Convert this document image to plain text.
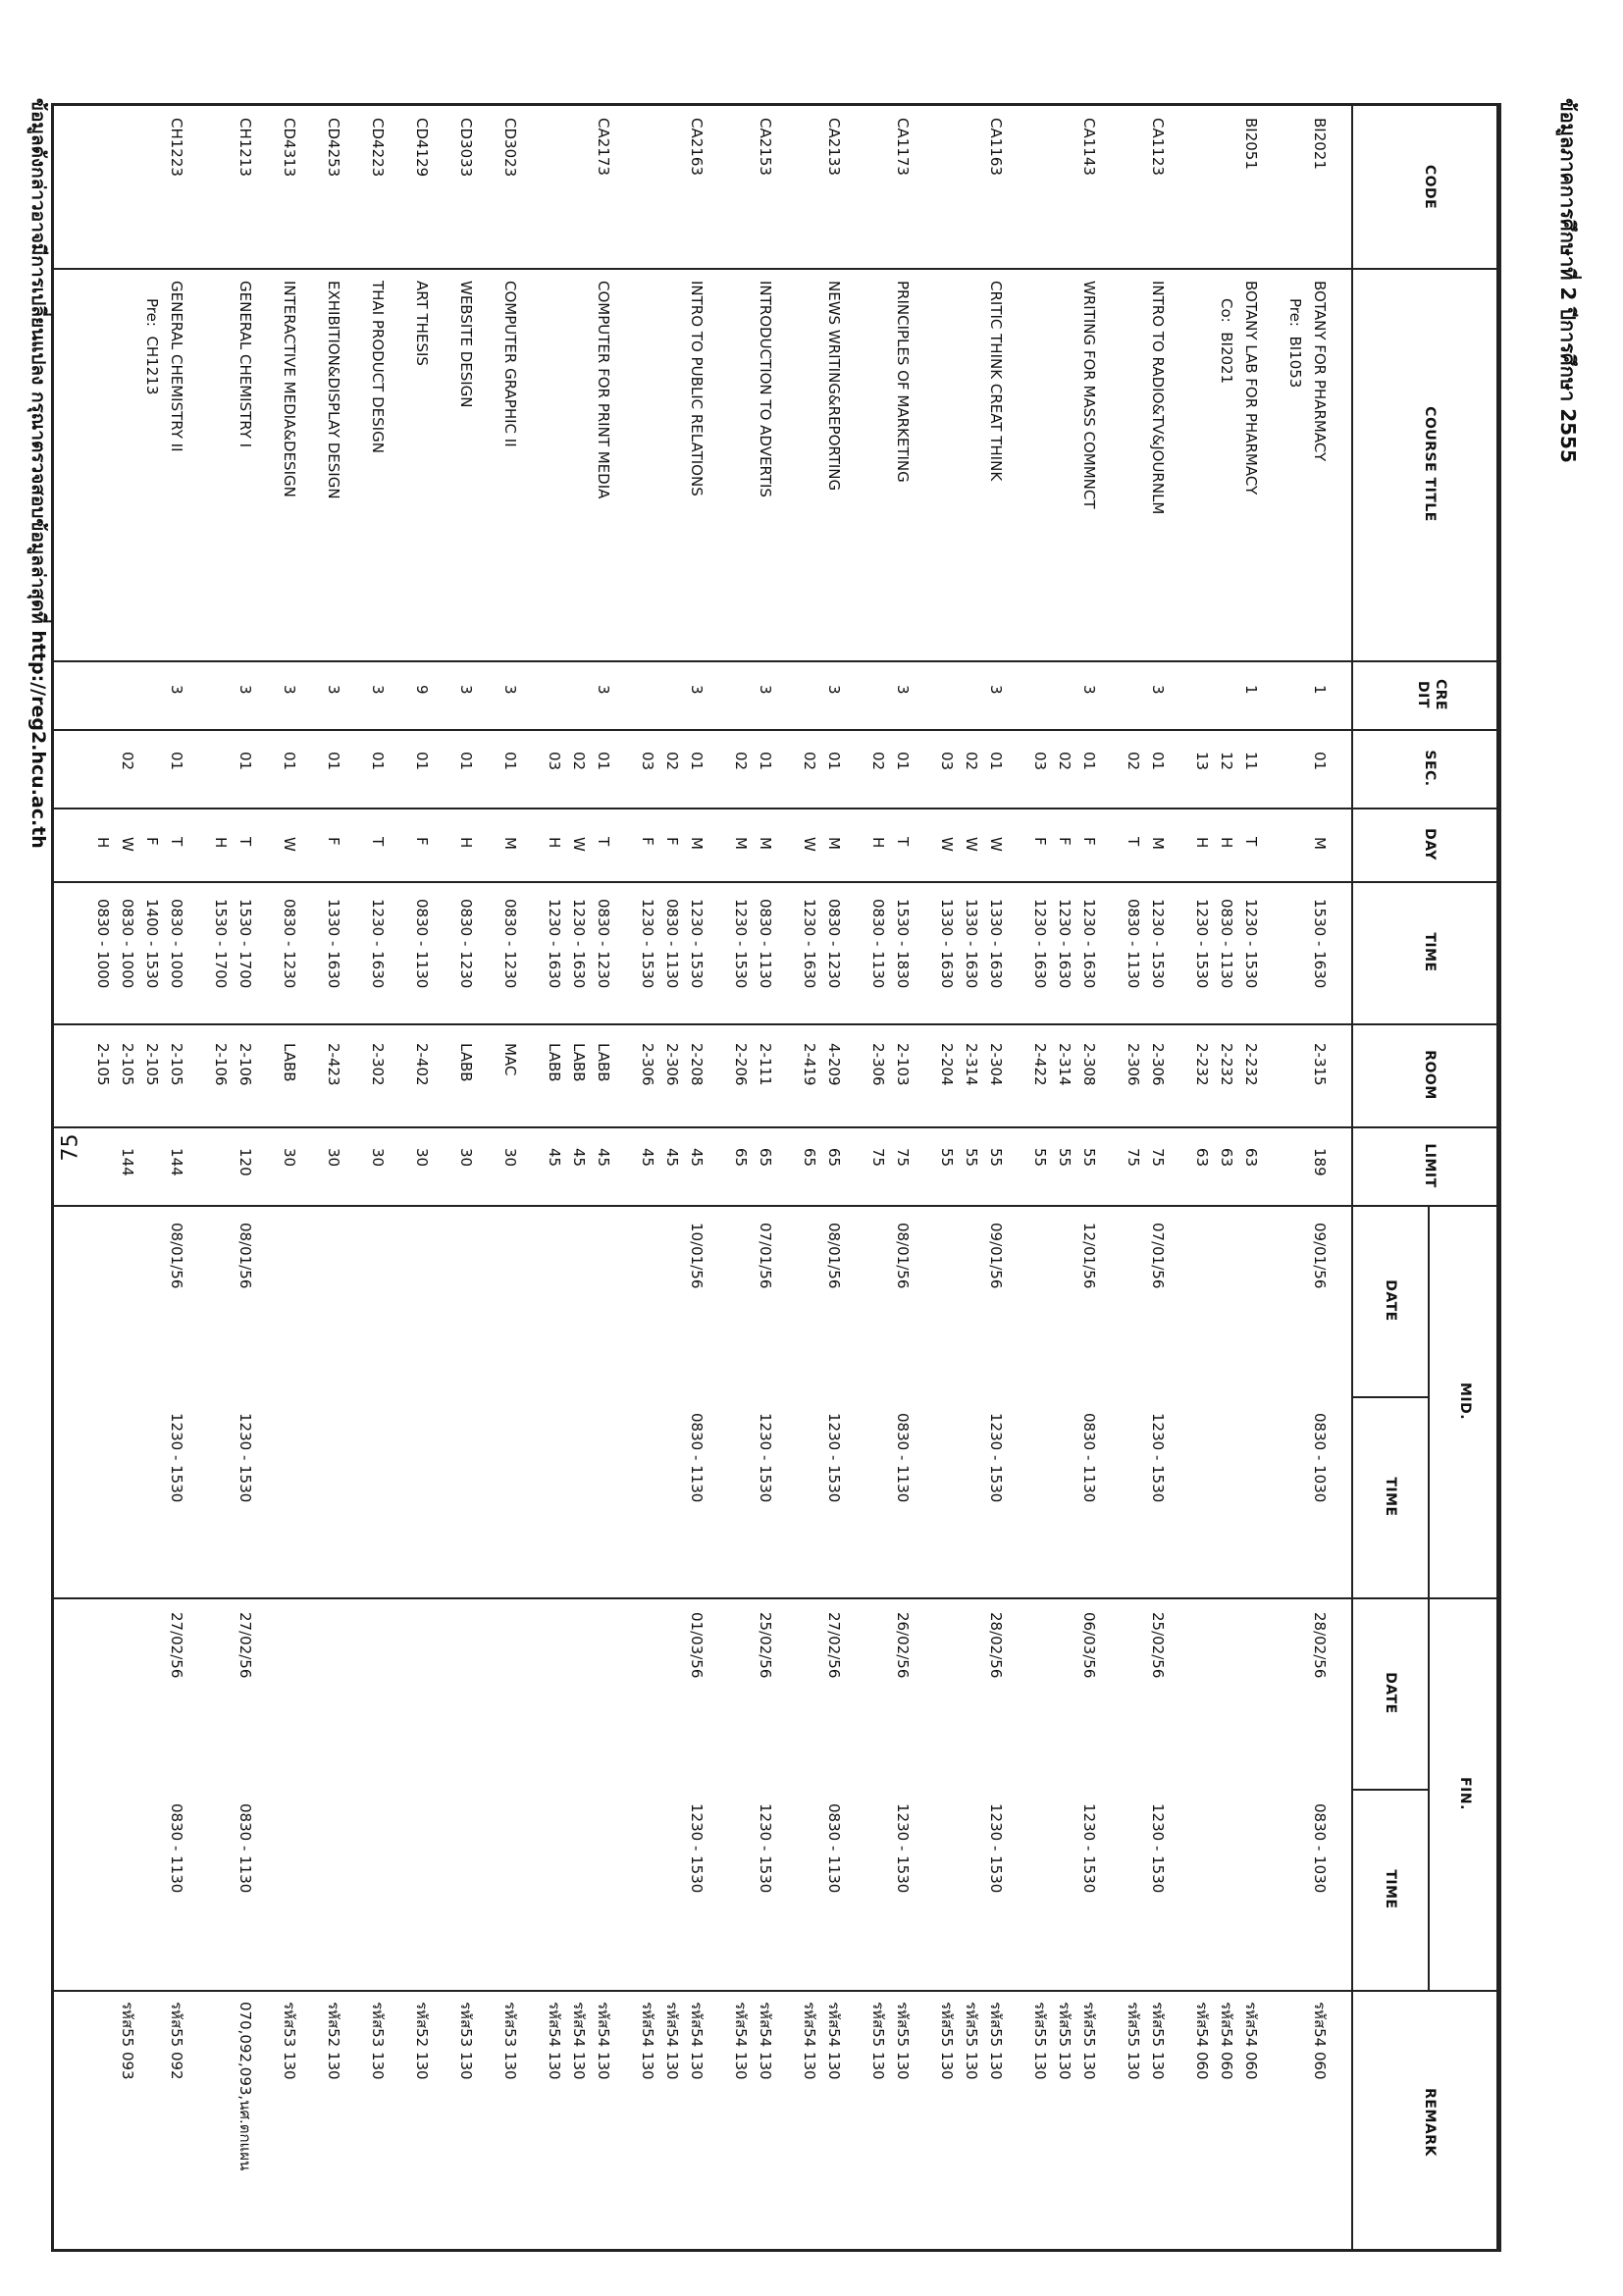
75
ข้อมูลภาคการศึกษาที่ 2 ปีการศึกษา 2555
CODE
COURSE TITLE
CRE DIT
SEC.
DAY
TIME
ROOM
LIMIT
MID.
FIN.
DATE
TIME
DATE
TIME
REMARK
BI2021
BOTANY FOR PHARMACY
Pre:  BI1053
1
01
M
1530 - 1630
2-315
189
รหัส54 060
09/01/56
0830 - 1030
28/02/56
0830 - 1030
BI2051
BOTANY LAB FOR PHARMACY
Co:  BI2021
1
11
12
13
T
H
H
1230 - 1530
0830 - 1130
1230 - 1530
2-232
2-232
2-232
63
63
63
รหัส54 060
รหัส54 060
รหัส54 060
CA1123
INTRO TO RADIO&TV&JOURNLM
3
01
02
M
T
1230 - 1530
0830 - 1130
2-306
2-306
75
75
รหัส55 130
รหัส55 130
07/01/56
1230 - 1530
25/02/56
1230 - 1530
CA1143
WRITING FOR MASS COMMNCT
3
01
02
03
F
F
F
1230 - 1630
1230 - 1630
1230 - 1630
2-308
2-314
2-422
55
55
55
รหัส55 130
รหัส55 130
รหัส55 130
12/01/56
0830 - 1130
06/03/56
1230 - 1530
CA1163
CRITIC THINK CREAT THINK
3
01
02
03
W
W
W
1330 - 1630
1330 - 1630
1330 - 1630
2-304
2-314
2-204
55
55
55
รหัส55 130
รหัส55 130
รหัส55 130
09/01/56
1230 - 1530
28/02/56
1230 - 1530
CA1173
PRINCIPLES OF MARKETING
3
01
02
T
H
1530 - 1830
0830 - 1130
2-103
2-306
75
75
รหัส55 130
รหัส55 130
08/01/56
0830 - 1130
26/02/56
1230 - 1530
CA2133
NEWS WRITING&REPORTING
3
01
02
M
W
0830 - 1230
1230 - 1630
4-209
2-419
65
65
รหัส54 130
รหัส54 130
08/01/56
1230 - 1530
27/02/56
0830 - 1130
CA2153
INTRODUCTION TO ADVERTIS
3
01
02
M
M
0830 - 1130
1230 - 1530
2-111
2-206
65
65
รหัส54 130
รหัส54 130
07/01/56
1230 - 1530
25/02/56
1230 - 1530
CA2163
INTRO TO PUBLIC RELATIONS
3
01
02
03
M
F
F
1230 - 1530
0830 - 1130
1230 - 1530
2-208
2-306
2-306
45
45
45
รหัส54 130
รหัส54 130
รหัส54 130
10/01/56
0830 - 1130
01/03/56
1230 - 1530
CA2173
COMPUTER FOR PRINT MEDIA
3
01
02
03
T
W
H
0830 - 1230
1230 - 1630
1230 - 1630
LABB
LABB
LABB
45
45
45
รหัส54 130
รหัส54 130
รหัส54 130
CD3023
COMPUTER GRAPHIC II
3
01
M
0830 - 1230
MAC
30
รหัส53 130
CD3033
WEBSITE DESIGN
3
01
H
0830 - 1230
LABB
30
รหัส53 130
CD4129
ART THESIS
9
01
F
0830 - 1130
2-402
30
รหัส52 130
CD4223
THAI PRODUCT DESIGN
3
01
T
1230 - 1630
2-302
30
รหัส53 130
CD4253
EXHIBITION&DISPLAY DESIGN
3
01
F
1330 - 1630
2-423
30
รหัส52 130
CD4313
INTERACTIVE MEDIA&DESIGN
3
01
W
0830 - 1230
LABB
30
รหัส53 130
CH1213
GENERAL CHEMISTRY I
3
01
T
H
1530 - 1700
1530 - 1700
2-106
2-106
120
070,092,093,นศ.ตกแผน
08/01/56
1230 - 1530
27/02/56
0830 - 1130
CH1223
GENERAL CHEMISTRY II
Pre:  CH1213
3
01
02
T
F
W
H
0830 - 1000
1400 - 1530
0830 - 1000
0830 - 1000
2-105
2-105
2-105
2-105
144
144
รหัส55 092
รหัส55 093
08/01/56
1230 - 1530
27/02/56
0830 - 1130
ข้อมูลดังกล่าวอาจมีการเปลี่ยนแปลง กรุณาตรวจสอบข้อมูลล่าสุดที่ http://reg2.hcu.ac.th
